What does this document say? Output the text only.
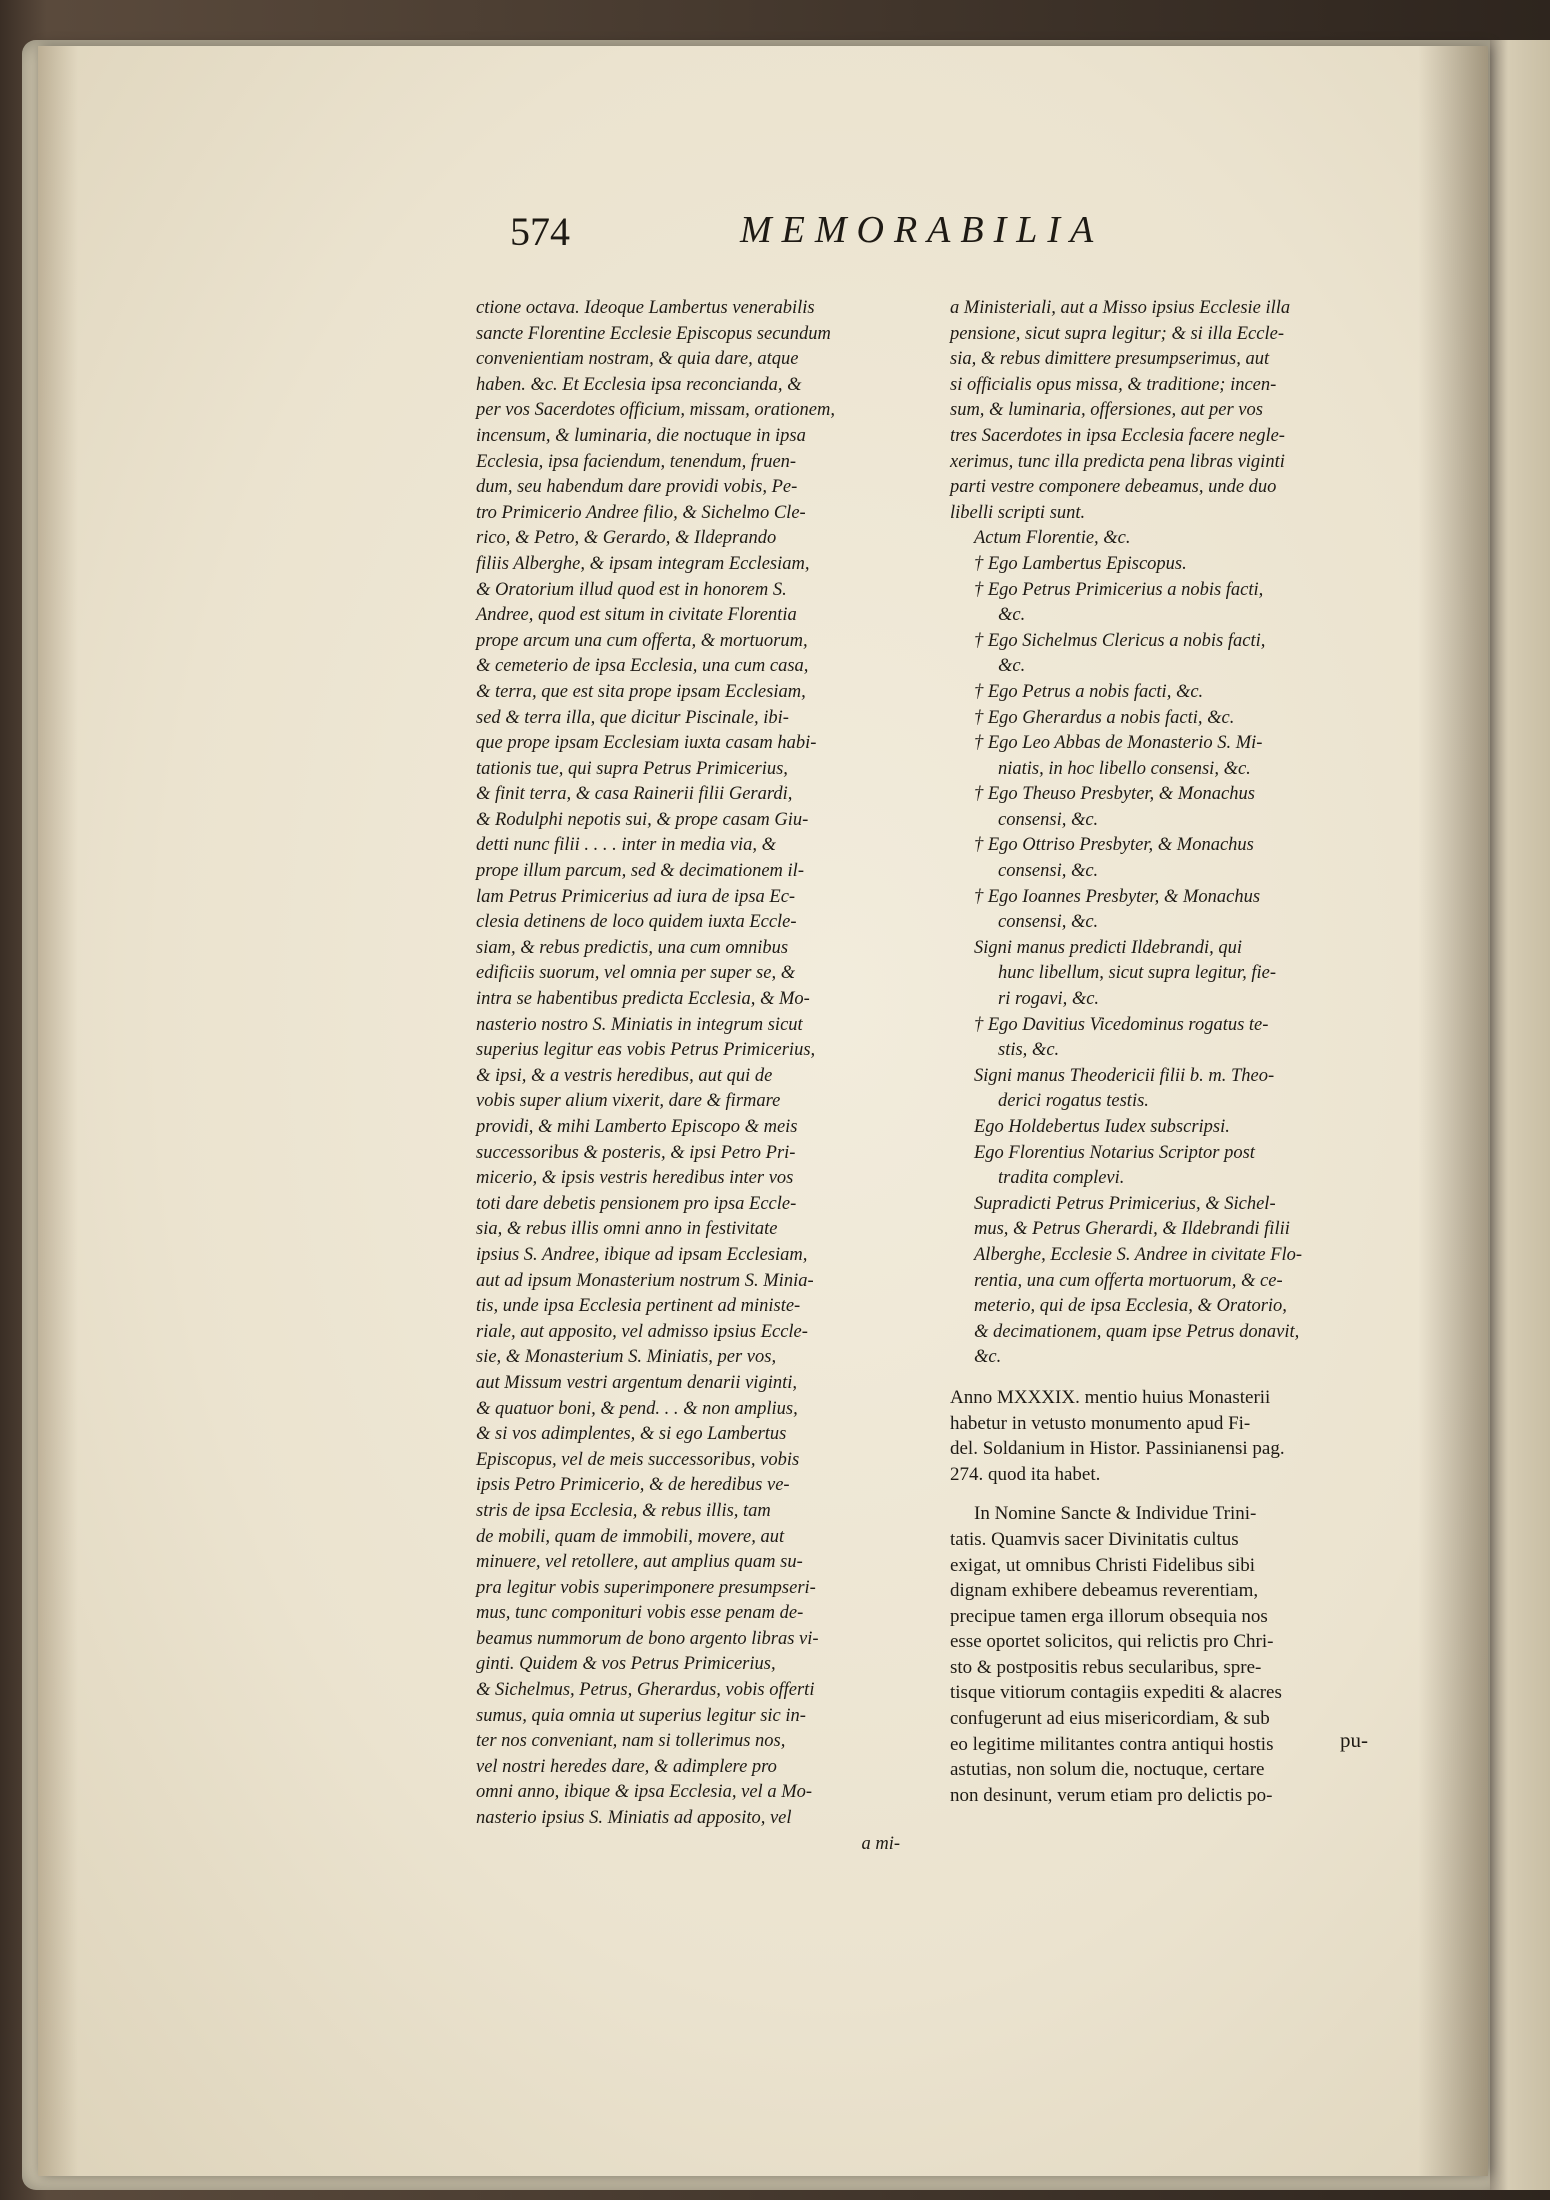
574	MEMORABILIA
ctione octava. Ideoque Lambertus venerabilis
sancte Florentine Ecclesie Episcopus secundum
convenientiam nostram, & quia dare, atque
haben. &c. Et Ecclesia ipsa reconcianda, &
per vos Sacerdotes officium, missam, orationem,
incensum, & luminaria, die noctuque in ipsa
Ecclesia, ipsa faciendum, tenendum, fruen-
dum, seu habendum dare providi vobis, Pe-
tro Primicerio Andree filio, & Sichelmo Cle-
rico, & Petro, & Gerardo, & Ildeprando
filiis Alberghe, & ipsam integram Ecclesiam,
& Oratorium illud quod est in honorem S.
Andree, quod est situm in civitate Florentia
prope arcum una cum offerta, & mortuorum,
& cemeterio de ipsa Ecclesia, una cum casa,
& terra, que est sita prope ipsam Ecclesiam,
sed & terra illa, que dicitur Piscinale, ibi-
que prope ipsam Ecclesiam iuxta casam habi-
tationis tue, qui supra Petrus Primicerius,
& finit terra, & casa Rainerii filii Gerardi,
& Rodulphi nepotis sui, & prope casam Giu-
detti nunc filii . . . . inter in media via, &
prope illum parcum, sed & decimationem il-
lam Petrus Primicerius ad iura de ipsa Ec-
clesia detinens de loco quidem iuxta Eccle-
siam, & rebus predictis, una cum omnibus
edificiis suorum, vel omnia per super se, &
intra se habentibus predicta Ecclesia, & Mo-
nasterio nostro S. Miniatis in integrum sicut
superius legitur eas vobis Petrus Primicerius,
& ipsi, & a vestris heredibus, aut qui de
vobis super alium vixerit, dare & firmare
providi, & mihi Lamberto Episcopo & meis
successoribus & posteris, & ipsi Petro Pri-
micerio, & ipsis vestris heredibus inter vos
toti dare debetis pensionem pro ipsa Eccle-
sia, & rebus illis omni anno in festivitate
ipsius S. Andree, ibique ad ipsam Ecclesiam,
aut ad ipsum Monasterium nostrum S. Minia-
tis, unde ipsa Ecclesia pertinent ad ministe-
riale, aut apposito, vel admisso ipsius Eccle-
sie, & Monasterium S. Miniatis, per vos,
aut Missum vestri argentum denarii viginti,
& quatuor boni, & pend. . . & non amplius,
& si vos adimplentes, & si ego Lambertus
Episcopus, vel de meis successoribus, vobis
ipsis Petro Primicerio, & de heredibus ve-
stris de ipsa Ecclesia, & rebus illis, tam
de mobili, quam de immobili, movere, aut
minuere, vel retollere, aut amplius quam su-
pra legitur vobis superimponere presumpseri-
mus, tunc componituri vobis esse penam de-
beamus nummorum de bono argento libras vi-
ginti. Quidem & vos Petrus Primicerius,
& Sichelmus, Petrus, Gherardus, vobis offerti
sumus, quia omnia ut superius legitur sic in-
ter nos conveniant, nam si tollerimus nos,
vel nostri heredes dare, & adimplere pro
omni anno, ibique & ipsa Ecclesia, vel a Mo-
nasterio ipsius S. Miniatis ad apposito, vel
a mi-
a Ministeriali, aut a Misso ipsius Ecclesie illa
pensione, sicut supra legitur; & si illa Eccle-
sia, & rebus dimittere presumpserimus, aut
si officialis opus missa, & traditione; incen-
sum, & luminaria, offersiones, aut per vos
tres Sacerdotes in ipsa Ecclesia facere negle-
xerimus, tunc illa predicta pena libras viginti
parti vestre componere debeamus, unde duo
libelli scripti sunt.
Actum Florentie, &c.
† Ego Lambertus Episcopus.
† Ego Petrus Primicerius a nobis facti,
&c.
† Ego Sichelmus Clericus a nobis facti,
&c.
† Ego Petrus a nobis facti, &c.
† Ego Gherardus a nobis facti, &c.
† Ego Leo Abbas de Monasterio S. Mi-
niatis, in hoc libello consensi, &c.
† Ego Theuso Presbyter, & Monachus
consensi, &c.
† Ego Ottriso Presbyter, & Monachus
consensi, &c.
† Ego Ioannes Presbyter, & Monachus
consensi, &c.
Signi manus predicti Ildebrandi, qui
hunc libellum, sicut supra legitur, fie-
ri rogavi, &c.
† Ego Davitius Vicedominus rogatus te-
stis, &c.
Signi manus Theodericii filii b. m. Theo-
derici rogatus testis.
Ego Holdebertus Iudex subscripsi.
Ego Florentius Notarius Scriptor post
tradita complevi.
Supradicti Petrus Primicerius, & Sichel-
mus, & Petrus Gherardi, & Ildebrandi filii
Alberghe, Ecclesie S. Andree in civitate Flo-
rentia, una cum offerta mortuorum, & ce-
meterio, qui de ipsa Ecclesia, & Oratorio,
& decimationem, quam ipse Petrus donavit,
&c.
Anno MXXXIX. mentio huius Monasterii
habetur in vetusto monumento apud Fi-
del. Soldanium in Histor. Passinianensi pag.
274. quod ita habet.
In Nomine Sancte & Individue Trini-
tatis. Quamvis sacer Divinitatis cultus
exigat, ut omnibus Christi Fidelibus sibi
dignam exhibere debeamus reverentiam,
precipue tamen erga illorum obsequia nos
esse oportet solicitos, qui relictis pro Chri-
sto & postpositis rebus secularibus, spre-
tisque vitiorum contagiis expediti & alacres
confugerunt ad eius misericordiam, & sub
eo legitime militantes contra antiqui hostis
astutias, non solum die, noctuque, certare
non desinunt, verum etiam pro delictis po-
pu-
